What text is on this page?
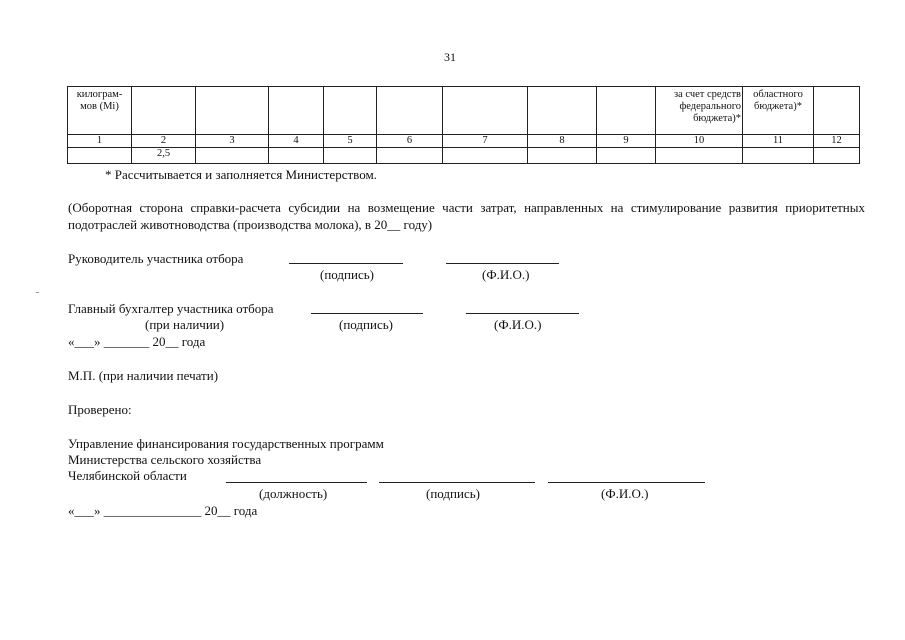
31
килограм-мов (Мi)									за счет средств федерального бюджета)*	областного бюджета)*	

1	2	3	4	5	6	7	8	9	10	11	12
	2,5										
* Рассчитывается и заполняется Министерством.
(Оборотная сторона справки-расчета субсидии на возмещение части затрат, направленных на стимулирование развития приоритетных подотраслей животноводства (производства молока), в 20__ году)
Руководитель участника отбора
(подпись)	(Ф.И.О.)
Главный бухгалтер участника отбора
(при наличии)	(подпись)	(Ф.И.О.)
«___» _______ 20__ года
М.П. (при наличии печати)
Проверено:
Управление финансирования государственных программ
Министерства сельского хозяйства
Челябинской области
(должность)	(подпись)	(Ф.И.О.)
«___» _______________ 20__ года
